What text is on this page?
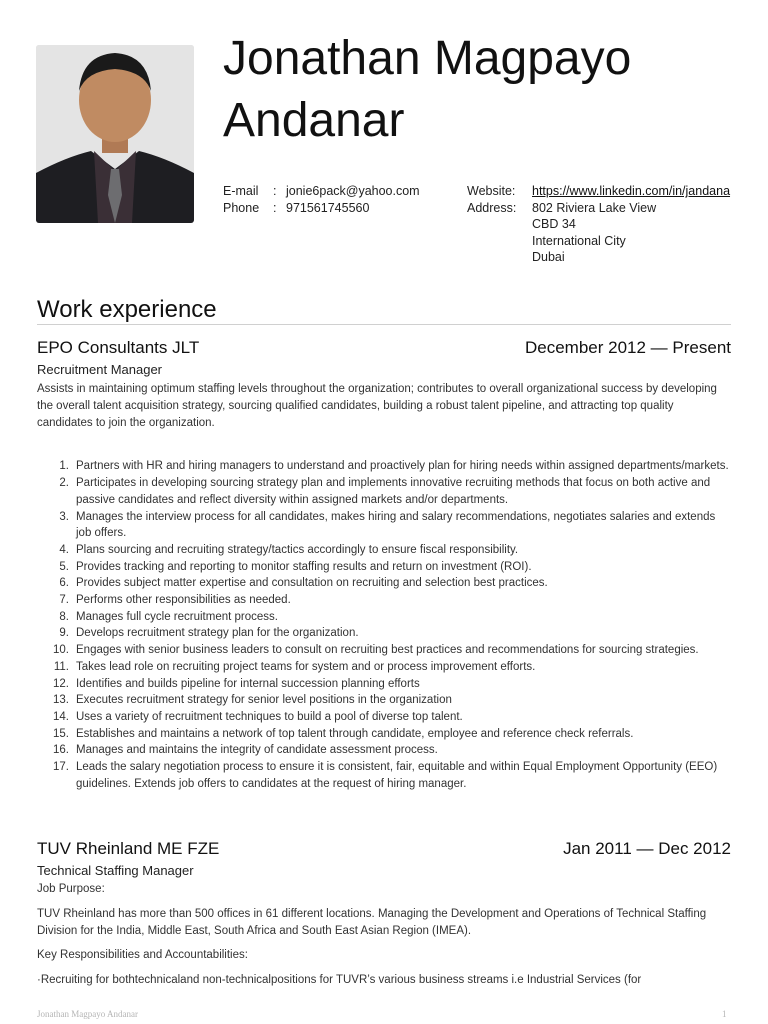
Jonathan Magpayo
Andanar
E-mail	: jonie6pack@yahoo.com
Phone	: 971561745560
Website:	https://www.linkedin.com/in/jandana
Address:	802 Riviera Lake View
CBD 34
International City
Dubai
Work experience
EPO Consultants JLT	December 2012 — Present
Recruitment Manager

Assists in maintaining optimum staffing levels throughout the organization; contributes to overall organizational success by developing the overall talent acquisition strategy, sourcing qualified candidates, building a robust talent pipeline, and attracting top quality candidates to join the organization.

1. Partners with HR and hiring managers to understand and proactively plan for hiring needs within assigned departments/markets.
2. Participates in developing sourcing strategy plan and implements innovative recruiting methods that focus on both active and passive candidates and reflect diversity within assigned markets and/or departments.
3. Manages the interview process for all candidates, makes hiring and salary recommendations, negotiates salaries and extends job offers.
4. Plans sourcing and recruiting strategy/tactics accordingly to ensure fiscal responsibility.
5. Provides tracking and reporting to monitor staffing results and return on investment (ROI).
6. Provides subject matter expertise and consultation on recruiting and selection best practices.
7. Performs other responsibilities as needed.
8. Manages full cycle recruitment process.
9. Develops recruitment strategy plan for the organization.
10. Engages with senior business leaders to consult on recruiting best practices and recommendations for sourcing strategies.
11. Takes lead role on recruiting project teams for system and or process improvement efforts.
12. Identifies and builds pipeline for internal succession planning efforts
13. Executes recruitment strategy for senior level positions in the organization
14. Uses a variety of recruitment techniques to build a pool of diverse top talent.
15. Establishes and maintains a network of top talent through candidate, employee and reference check referrals.
16. Manages and maintains the integrity of candidate assessment process.
17. Leads the salary negotiation process to ensure it is consistent, fair, equitable and within Equal Employment Opportunity (EEO) guidelines. Extends job offers to candidates at the request of hiring manager.
TUV Rheinland ME FZE	Jan 2011 — Dec 2012
Technical Staffing Manager

Job Purpose:

TUV Rheinland has more than 500 offices in 61 different locations. Managing the Development and Operations of Technical Staffing Division for the India, Middle East, South Africa and South East Asian Region (IMEA).

Key Responsibilities and Accountabilities:

·Recruiting for bothtechnicaland non-technicalpositions for TUVR’s various business streams i.e Industrial Services (for

Jonathan Magpayo Andanar	1
